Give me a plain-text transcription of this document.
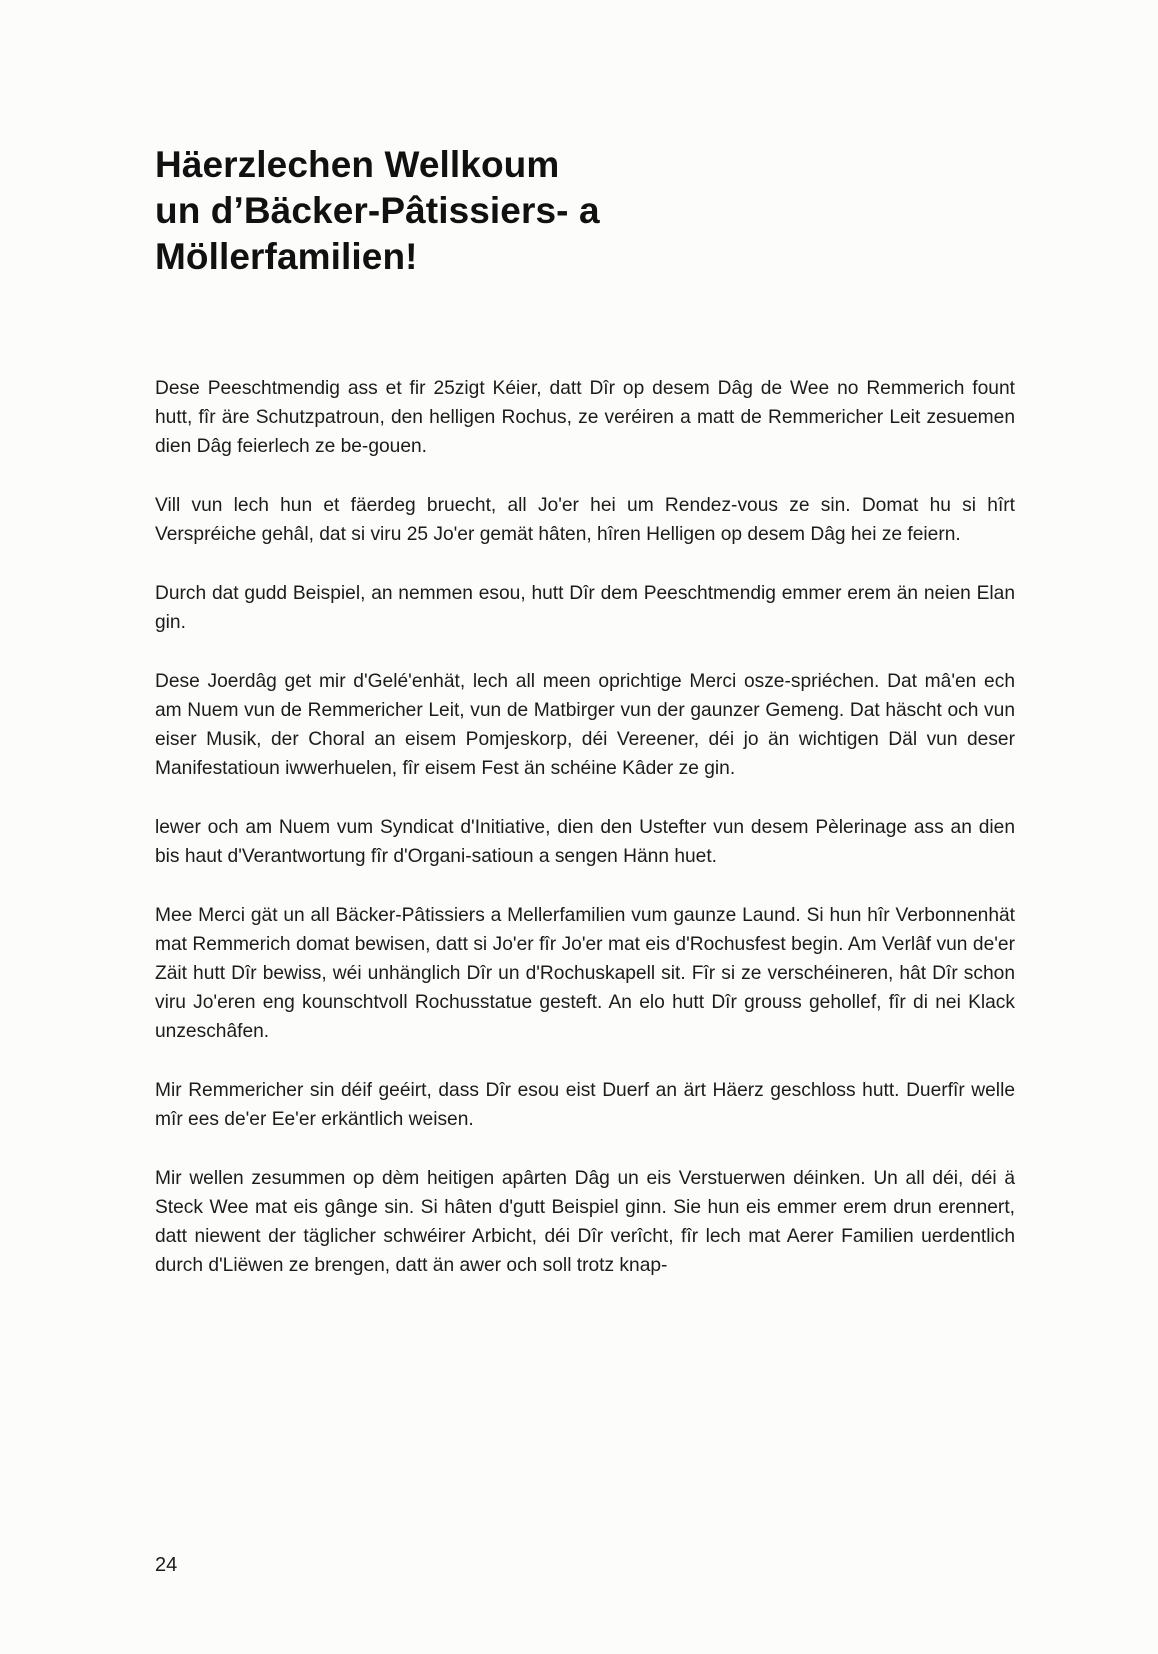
Häerzlechen Wellkoum
un d’Bäcker-Pâtissiers- a
Möllerfamilien!

Dese Peeschtmendig ass et fir 25zigt Kéier, datt Dîr op desem Dâg de Wee no Remmerich fount hutt, fîr äre Schutzpatroun, den helligen Rochus, ze veréiren a matt de Remmericher Leit zesuemen dien Dâg feierlech ze be-gouen.

Vill vun lech hun et fäerdeg bruecht, all Jo'er hei um Rendez-vous ze sin. Domat hu si hîrt Verspréiche gehâl, dat si viru 25 Jo'er gemät hâten, hîren Helligen op desem Dâg hei ze feiern.

Durch dat gudd Beispiel, an nemmen esou, hutt Dîr dem Peeschtmendig emmer erem än neien Elan gin.

Dese Joerdâg get mir d'Gelé'enhät, lech all meen oprichtige Merci osze-spriéchen. Dat mâ'en ech am Nuem vun de Remmericher Leit, vun de Matbirger vun der gaunzer Gemeng. Dat häscht och vun eiser Musik, der Choral an eisem Pomjeskorp, déi Vereener, déi jo än wichtigen Däl vun deser Manifestatioun iwwerhuelen, fîr eisem Fest än schéine Kâder ze gin.

lewer och am Nuem vum Syndicat d'Initiative, dien den Ustefter vun desem Pèlerinage ass an dien bis haut d'Verantwortung fîr d'Organi-satioun a sengen Hänn huet.

Mee Merci gät un all Bäcker-Pâtissiers a Mellerfamilien vum gaunze Laund. Si hun hîr Verbonnenhät mat Remmerich domat bewisen, datt si Jo'er fîr Jo'er mat eis d'Rochusfest begin. Am Verlâf vun de'er Zäit hutt Dîr bewiss, wéi unhänglich Dîr un d'Rochuskapell sit. Fîr si ze verschéineren, hât Dîr schon viru Jo'eren eng kounschtvoll Rochusstatue gesteft. An elo hutt Dîr grouss gehollef, fîr di nei Klack unzeschâfen.

Mir Remmericher sin déif geéirt, dass Dîr esou eist Duerf an ärt Häerz geschloss hutt. Duerfîr welle mîr ees de'er Ee'er erkäntlich weisen.

Mir wellen zesummen op dèm heitigen apârten Dâg un eis Verstuerwen déinken. Un all déi, déi ä Steck Wee mat eis gânge sin. Si hâten d'gutt Beispiel ginn. Sie hun eis emmer erem drun erennert, datt niewent der täglicher schwéirer Arbicht, déi Dîr verîcht, fîr lech mat Aerer Familien uerdentlich durch d'Liëwen ze brengen, datt än awer och soll trotz knap-

24
